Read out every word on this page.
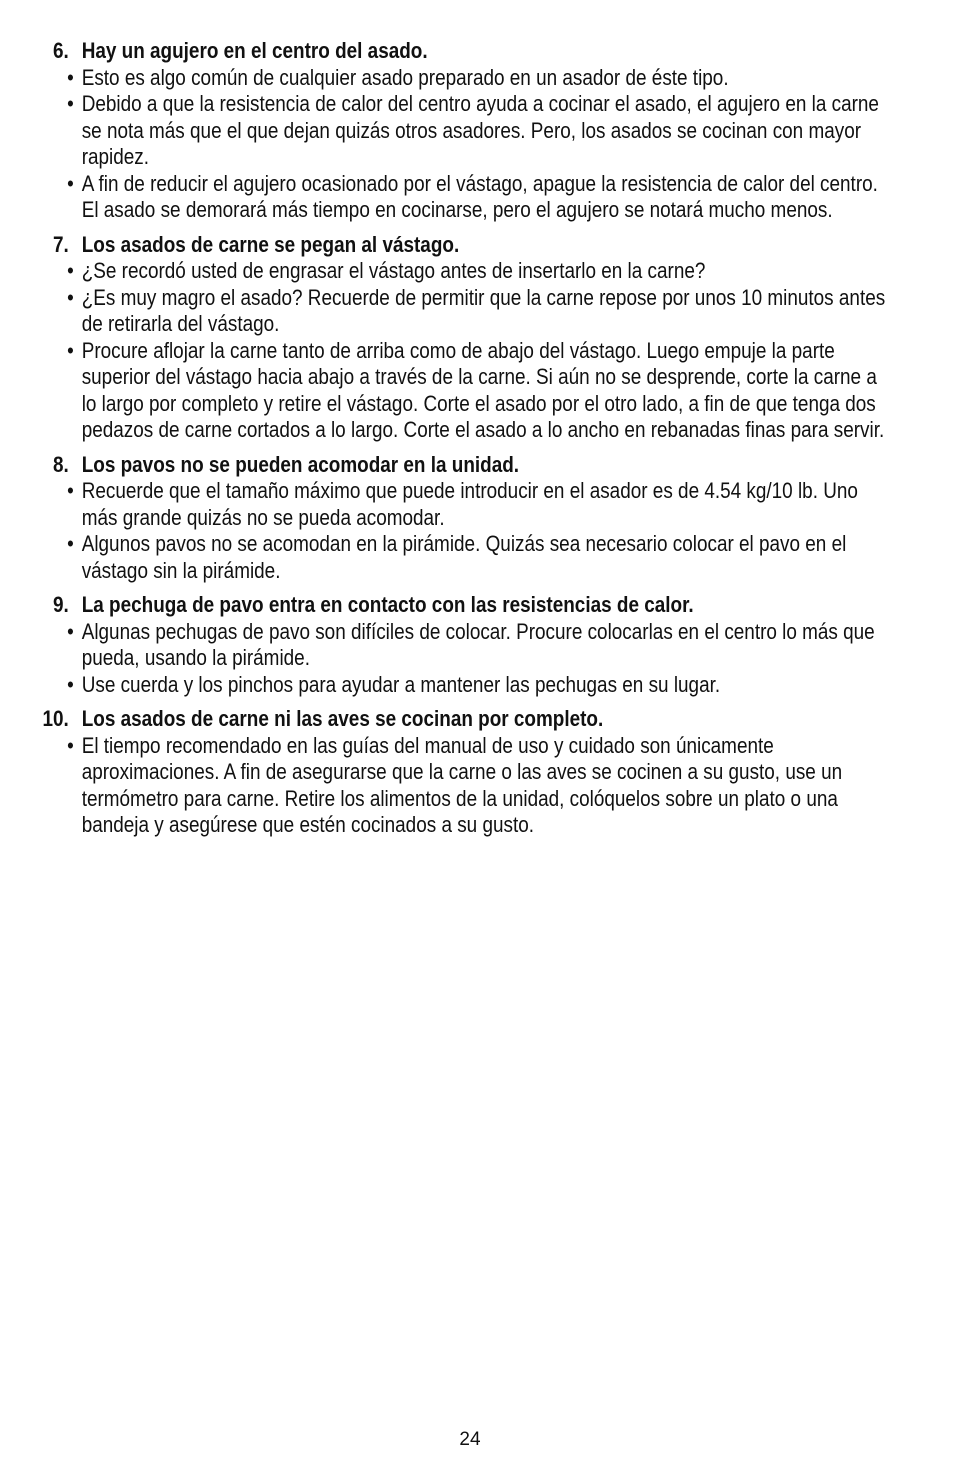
6. Hay un agujero en el centro del asado.
• Esto es algo común de cualquier asado preparado en un asador de éste tipo.
• Debido a que la resistencia de calor del centro ayuda a cocinar el asado, el agujero en la carne se nota más que el que dejan quizás otros asadores. Pero, los asados se cocinan con mayor rapidez.
• A fin de reducir el agujero ocasionado por el vástago, apague la resistencia de calor del centro. El asado se demorará más tiempo en cocinarse, pero el agujero se notará mucho menos.
7. Los asados de carne se pegan al vástago.
• ¿Se recordó usted de engrasar el vástago antes de insertarlo en la carne?
• ¿Es muy magro el asado? Recuerde de permitir que la carne repose por unos 10 minutos antes de retirarla del vástago.
• Procure aflojar la carne tanto de arriba como de abajo del vástago. Luego empuje la parte superior del vástago hacia abajo a través de la carne. Si aún no se desprende, corte la carne a lo largo por completo y retire el vástago. Corte el asado por el otro lado, a fin de que tenga dos pedazos de carne cortados a lo largo. Corte el asado a lo ancho en rebanadas finas para servir.
8. Los pavos no se pueden acomodar en la unidad.
• Recuerde que el tamaño máximo que puede introducir en el asador es de 4.54 kg/10 lb. Uno más grande quizás no se pueda acomodar.
• Algunos pavos no se acomodan en la pirámide. Quizás sea necesario colocar el pavo en el vástago sin la pirámide.
9. La pechuga de pavo entra en contacto con las resistencias de calor.
• Algunas pechugas de pavo son difíciles de colocar. Procure colocarlas en el centro lo más que pueda, usando la pirámide.
• Use cuerda y los pinchos para ayudar a mantener las pechugas en su lugar.
10. Los asados de carne ni las aves se cocinan por completo.
• El tiempo recomendado en las guías del manual de uso y cuidado son únicamente aproximaciones. A fin de asegurarse que la carne o las aves se cocinen a su gusto, use un termómetro para carne. Retire los alimentos de la unidad, colóquelos sobre un plato o una bandeja y asegúrese que estén cocinados a su gusto.
24
